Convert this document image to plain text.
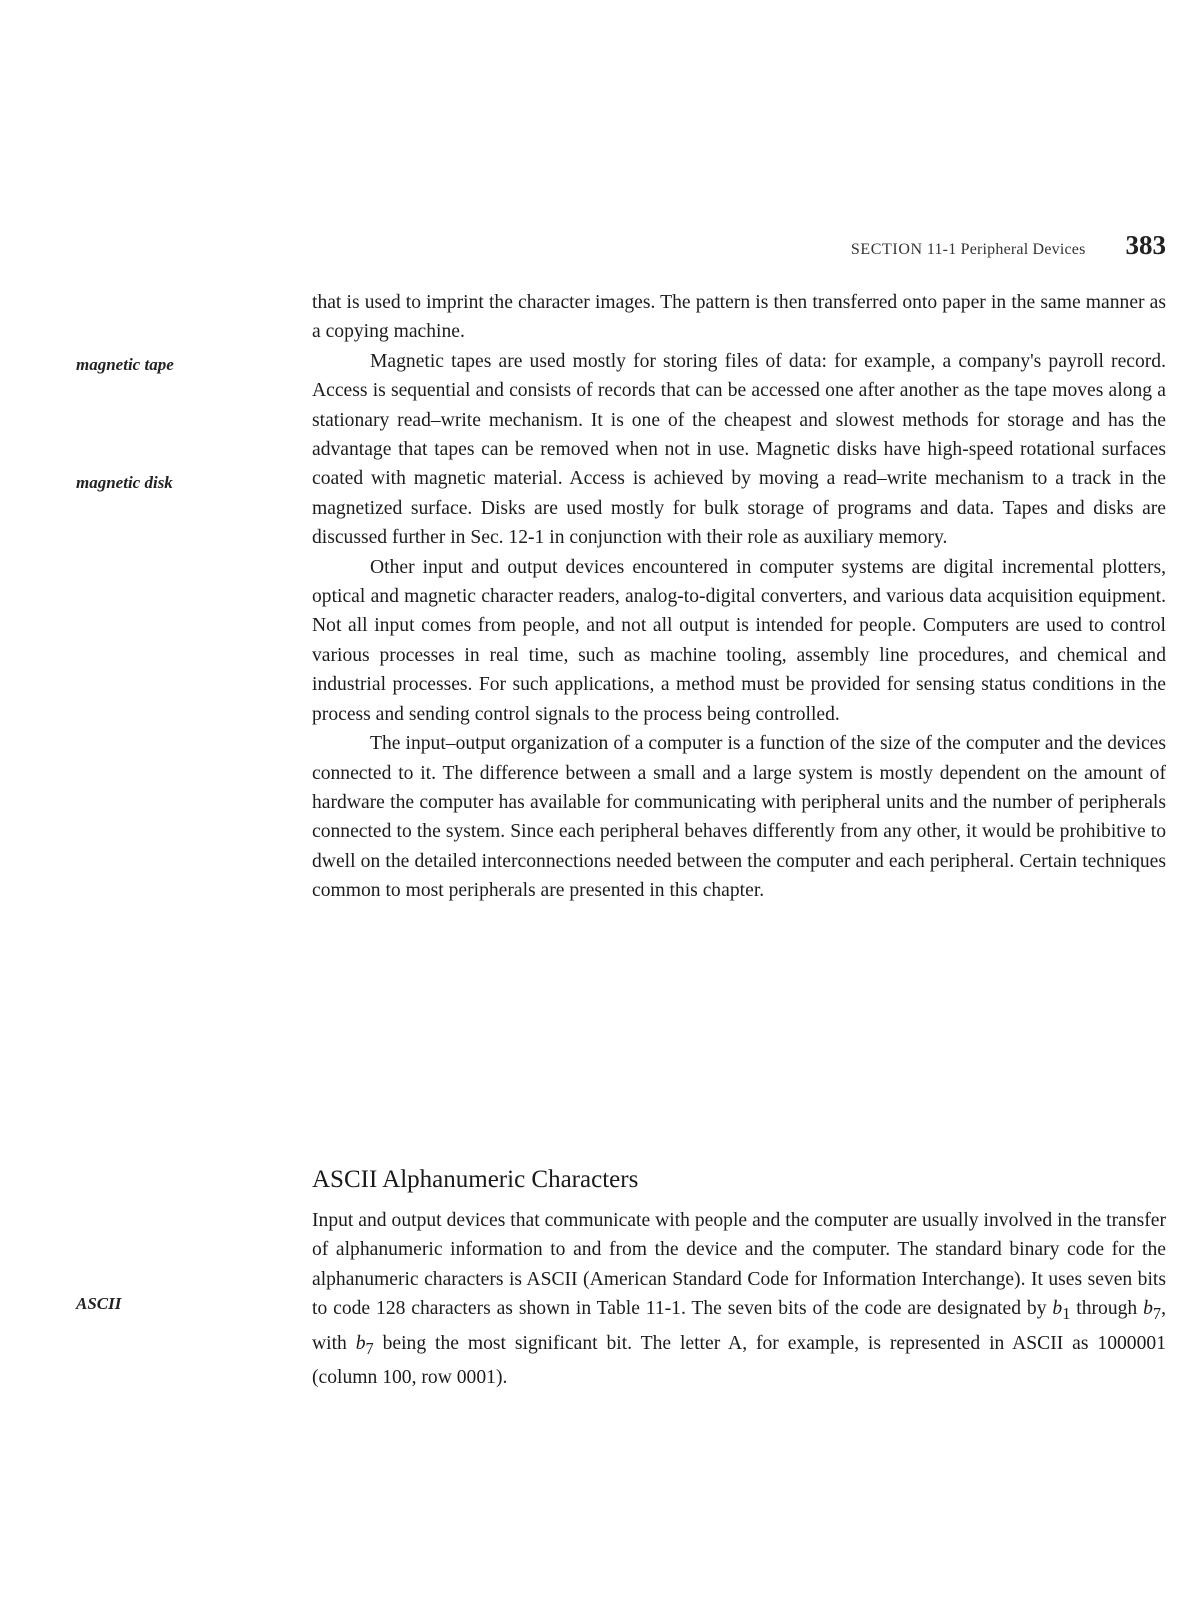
SECTION 11-1 Peripheral Devices 383
magnetic tape
magnetic disk
ASCII

that is used to imprint the character images. The pattern is then transferred onto paper in the same manner as a copying machine.

Magnetic tapes are used mostly for storing files of data: for example, a company's payroll record. Access is sequential and consists of records that can be accessed one after another as the tape moves along a stationary read–write mechanism. It is one of the cheapest and slowest methods for storage and has the advantage that tapes can be removed when not in use. Magnetic disks have high-speed rotational surfaces coated with magnetic material. Access is achieved by moving a read–write mechanism to a track in the magnetized surface. Disks are used mostly for bulk storage of programs and data. Tapes and disks are discussed further in Sec. 12-1 in conjunction with their role as auxiliary memory.

Other input and output devices encountered in computer systems are digital incremental plotters, optical and magnetic character readers, analog-to-digital converters, and various data acquisition equipment. Not all input comes from people, and not all output is intended for people. Computers are used to control various processes in real time, such as machine tooling, assembly line procedures, and chemical and industrial processes. For such applications, a method must be provided for sensing status conditions in the process and sending control signals to the process being controlled.

The input–output organization of a computer is a function of the size of the computer and the devices connected to it. The difference between a small and a large system is mostly dependent on the amount of hardware the computer has available for communicating with peripheral units and the number of peripherals connected to the system. Since each peripheral behaves differently from any other, it would be prohibitive to dwell on the detailed interconnections needed between the computer and each peripheral. Certain techniques common to most peripherals are presented in this chapter.

ASCII Alphanumeric Characters

Input and output devices that communicate with people and the computer are usually involved in the transfer of alphanumeric information to and from the device and the computer. The standard binary code for the alphanumeric characters is ASCII (American Standard Code for Information Interchange). It uses seven bits to code 128 characters as shown in Table 11-1. The seven bits of the code are designated by $b_1$ through $b_7$, with $b_7$ being the most significant bit. The letter A, for example, is represented in ASCII as 1000001 (column 100, row 0001).
